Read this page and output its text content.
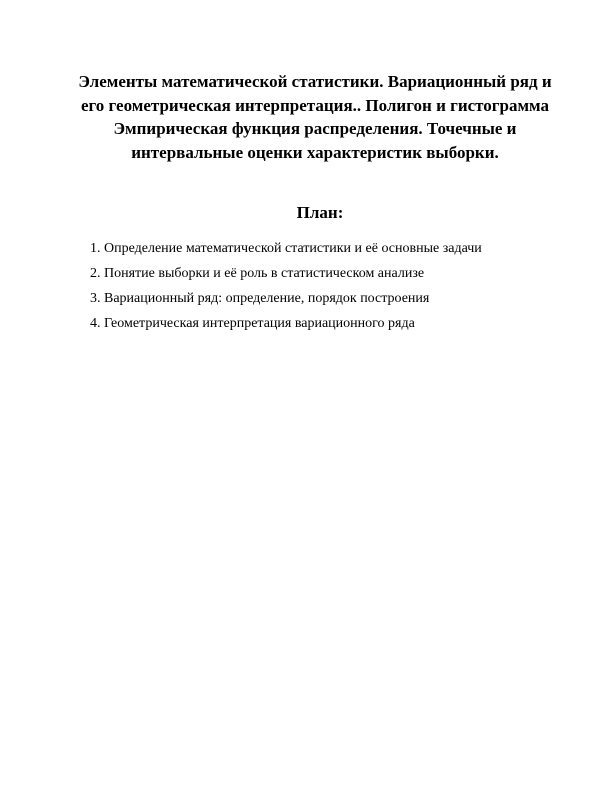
Элементы математической статистики. Вариационный ряд и
его геометрическая интерпретация.. Полигон и гистограмма
Эмпирическая функция распределения. Точечные и
интервальные оценки характеристик выборки.
План:
1. Определение математической статистики и её основные задачи
2. Понятие выборки и её роль в статистическом анализе
3. Вариационный ряд: определение, порядок построения
4. Геометрическая интерпретация вариационного ряда
